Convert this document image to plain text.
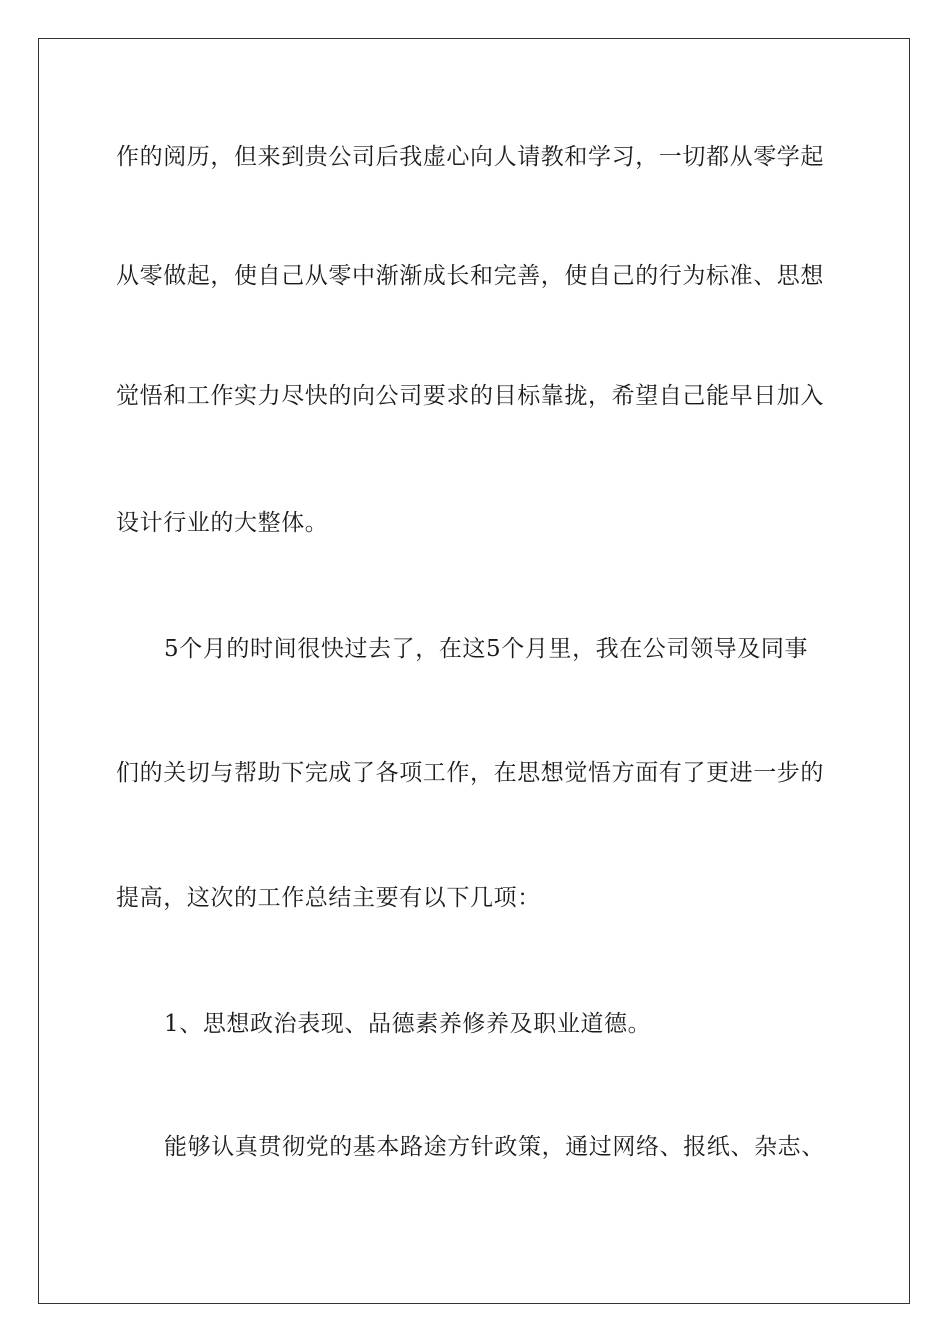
作的阅历，但来到贵公司后我虚心向人请教和学习，一切都从零学起
从零做起，使自己从零中渐渐成长和完善，使自己的行为标准、思想
觉悟和工作实力尽快的向公司要求的目标靠拢，希望自己能早日加入
设计行业的大整体。
5个月的时间很快过去了，在这5个月里，我在公司领导及同事
们的关切与帮助下完成了各项工作，在思想觉悟方面有了更进一步的
提高，这次的工作总结主要有以下几项：
1、思想政治表现、品德素养修养及职业道德。
能够认真贯彻党的基本路途方针政策，通过网络、报纸、杂志、
